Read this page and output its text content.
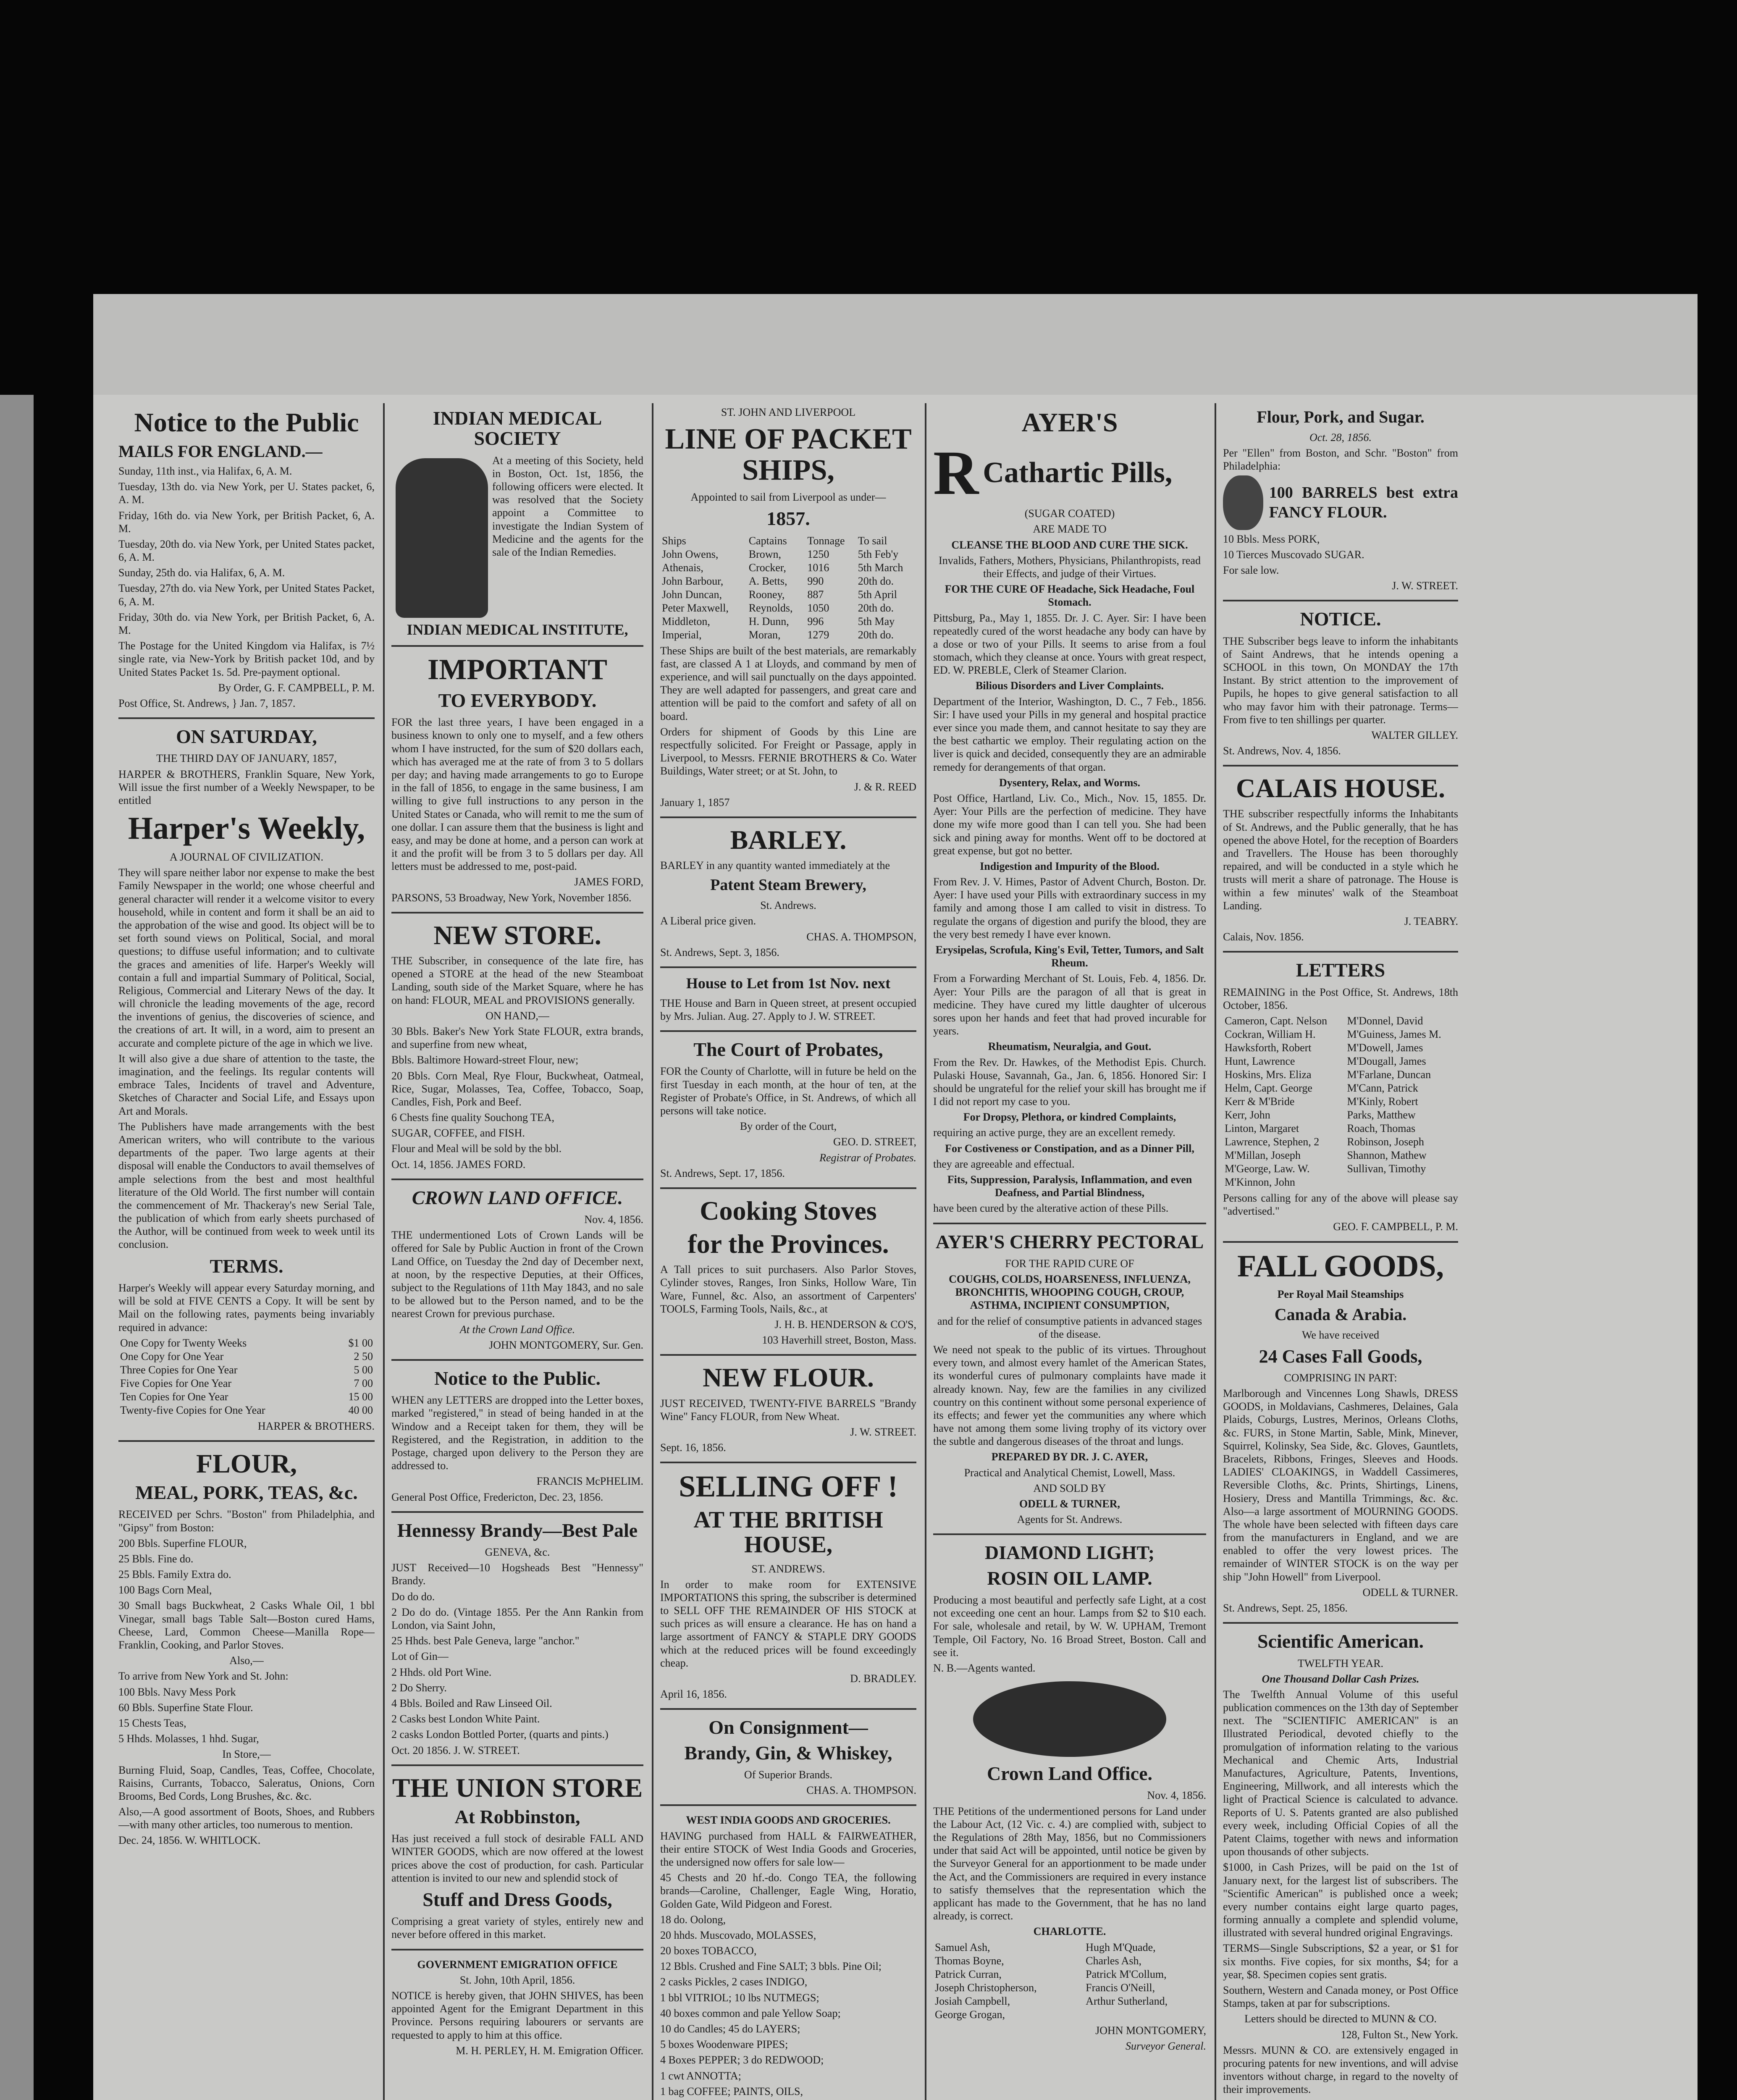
Notice to the Public
MAILS FOR ENGLAND.—
Sunday, 11th inst., via Halifax, 6, A. M.
Tuesday, 13th do. via New York, per U. States packet, 6, A. M.
Friday, 16th do. via New York, per British Packet, 6, A. M.
Tuesday, 20th do. via New York, per United States packet, 6, A. M.
Sunday, 25th do. via Halifax, 6, A. M.
Tuesday, 27th do. via New York, per United States Packet, 6, A. M.
Friday, 30th do. via New York, per British Packet, 6, A. M.
The Postage for the United Kingdom via Halifax, is 7½ single rate, via New-York by British packet 10d, and by United States Packet 1s. 5d. Pre-payment optional.
By Order, G. F. CAMPBELL, P. M.
Post Office, St. Andrews, } Jan. 7, 1857.
ON SATURDAY,
THE THIRD DAY OF JANUARY, 1857,
HARPER & BROTHERS, Franklin Square, New York, Will issue the first number of a Weekly Newspaper, to be entitled
Harper's Weekly,
A JOURNAL OF CIVILIZATION.
They will spare neither labor nor expense to make the best Family Newspaper in the world; one whose cheerful and general character will render it a welcome visitor to every household, while in content and form it shall be an aid to the approbation of the wise and good. Its object will be to set forth sound views on Political, Social, and moral questions; to diffuse useful information; and to cultivate the graces and amenities of life. Harper's Weekly will contain a full and impartial Summary of Political, Social, Religious, Commercial and Literary News of the day. It will chronicle the leading movements of the age, record the inventions of genius, the discoveries of science, and the creations of art. It will, in a word, aim to present an accurate and complete picture of the age in which we live.
It will also give a due share of attention to the taste, the imagination, and the feelings. Its regular contents will embrace Tales, Incidents of travel and Adventure, Sketches of Character and Social Life, and Essays upon Art and Morals.
The Publishers have made arrangements with the best American writers, who will contribute to the various departments of the paper. Two large agents at their disposal will enable the Conductors to avail themselves of ample selections from the best and most healthful literature of the Old World. The first number will contain the commencement of Mr. Thackeray's new Serial Tale, the publication of which from early sheets purchased of the Author, will be continued from week to week until its conclusion.
TERMS.
Harper's Weekly will appear every Saturday morning, and will be sold at FIVE CENTS a Copy. It will be sent by Mail on the following rates, payments being invariably required in advance:
One Copy for Twenty Weeks	$1 00
One Copy for One Year	2 50
Three Copies for One Year	5 00
Five Copies for One Year	7 00
Ten Copies for One Year	15 00
Twenty-five Copies for One Year	40 00
HARPER & BROTHERS.
FLOUR,
MEAL, PORK, TEAS, &c.
RECEIVED per Schrs. "Boston" from Philadelphia, and "Gipsy" from Boston:
200 Bbls. Superfine FLOUR,
25 Bbls. Fine do.
25 Bbls. Family Extra do.
100 Bags Corn Meal,
30 Small bags Buckwheat, 2 Casks Whale Oil, 1 bbl Vinegar, small bags Table Salt—Boston cured Hams, Cheese, Lard, Common Cheese—Manilla Rope—Franklin, Cooking, and Parlor Stoves.
Also,—
To arrive from New York and St. John:
100 Bbls. Navy Mess Pork
60 Bbls. Superfine State Flour.
15 Chests Teas,
5 Hhds. Molasses, 1 hhd. Sugar,
In Store,—
Burning Fluid, Soap, Candles, Teas, Coffee, Chocolate, Raisins, Currants, Tobacco, Saleratus, Onions, Corn Brooms, Bed Cords, Long Brushes, &c. &c.
Also,—A good assortment of Boots, Shoes, and Rubbers—with many other articles, too numerous to mention.
Dec. 24, 1856. W. WHITLOCK.
INDIAN MEDICAL SOCIETY
At a meeting of this Society, held in Boston, Oct. 1st, 1856, the following officers were elected. It was resolved that the Society appoint a Committee to investigate the Indian System of Medicine and the agents for the sale of the Indian Remedies.
INDIAN MEDICAL INSTITUTE,
IMPORTANT
TO EVERYBODY.
FOR the last three years, I have been engaged in a business known to only one to myself, and a few others whom I have instructed, for the sum of $20 dollars each, which has averaged me at the rate of from 3 to 5 dollars per day; and having made arrangements to go to Europe in the fall of 1856, to engage in the same business, I am willing to give full instructions to any person in the United States or Canada, who will remit to me the sum of one dollar. I can assure them that the business is light and easy, and may be done at home, and a person can work at it and the profit will be from 3 to 5 dollars per day. All letters must be addressed to me, post-paid.
JAMES FORD,
PARSONS, 53 Broadway, New York, November 1856.
NEW STORE.
THE Subscriber, in consequence of the late fire, has opened a STORE at the head of the new Steamboat Landing, south side of the Market Square, where he has on hand: FLOUR, MEAL and PROVISIONS generally.
ON HAND,—
30 Bbls. Baker's New York State FLOUR, extra brands, and superfine from new wheat,
Bbls. Baltimore Howard-street Flour, new;
20 Bbls. Corn Meal, Rye Flour, Buckwheat, Oatmeal, Rice, Sugar, Molasses, Tea, Coffee, Tobacco, Soap, Candles, Fish, Pork and Beef.
6 Chests fine quality Souchong TEA,
SUGAR, COFFEE, and FISH.
Flour and Meal will be sold by the bbl.
Oct. 14, 1856. JAMES FORD.
CROWN LAND OFFICE.
Nov. 4, 1856.
THE undermentioned Lots of Crown Lands will be offered for Sale by Public Auction in front of the Crown Land Office, on Tuesday the 2nd day of December next, at noon, by the respective Deputies, at their Offices, subject to the Regulations of 11th May 1843, and no sale to be allowed but to the Person named, and to be the nearest Crown for previous purchase.
At the Crown Land Office.
JOHN MONTGOMERY, Sur. Gen.
Notice to the Public.
WHEN any LETTERS are dropped into the Letter boxes, marked "registered," in stead of being handed in at the Window and a Receipt taken for them, they will be Registered, and the Registration, in addition to the Postage, charged upon delivery to the Person they are addressed to.
FRANCIS McPHELIM.
General Post Office, Fredericton, Dec. 23, 1856.
Hennessy Brandy—Best Pale
GENEVA, &c.
JUST Received—10 Hogsheads Best "Hennessy" Brandy.
Do do do.
2 Do do do. (Vintage 1855. Per the Ann Rankin from London, via Saint John,
25 Hhds. best Pale Geneva, large "anchor."
Lot of Gin—
2 Hhds. old Port Wine.
2 Do Sherry.
4 Bbls. Boiled and Raw Linseed Oil.
2 Casks best London White Paint.
2 casks London Bottled Porter, (quarts and pints.)
Oct. 20 1856. J. W. STREET.
THE UNION STORE
At Robbinston,
Has just received a full stock of desirable FALL AND WINTER GOODS, which are now offered at the lowest prices above the cost of production, for cash. Particular attention is invited to our new and splendid stock of
Stuff and Dress Goods,
Comprising a great variety of styles, entirely new and never before offered in this market.
GOVERNMENT EMIGRATION OFFICE
St. John, 10th April, 1856.
NOTICE is hereby given, that JOHN SHIVES, has been appointed Agent for the Emigrant Department in this Province. Persons requiring labourers or servants are requested to apply to him at this office.
M. H. PERLEY, H. M. Emigration Officer.
ST. JOHN AND LIVERPOOL
LINE OF PACKET SHIPS,
Appointed to sail from Liverpool as under—
1857.
Ships	Captains	Tonnage	To sail
John Owens,	Brown,	1250	5th Feb'y
Athenais,	Crocker,	1016	5th March
John Barbour,	A. Betts,	990	20th do.
John Duncan,	Rooney,	887	5th April
Peter Maxwell,	Reynolds,	1050	20th do.
Middleton,	H. Dunn,	996	5th May
Imperial,	Moran,	1279	20th do.
These Ships are built of the best materials, are remarkably fast, are classed A 1 at Lloyds, and command by men of experience, and will sail punctually on the days appointed. They are well adapted for passengers, and great care and attention will be paid to the comfort and safety of all on board.
Orders for shipment of Goods by this Line are respectfully solicited. For Freight or Passage, apply in Liverpool, to Messrs. FERNIE BROTHERS & Co. Water Buildings, Water street; or at St. John, to
J. & R. REED
January 1, 1857
BARLEY.
BARLEY in any quantity wanted immediately at the
Patent Steam Brewery,
St. Andrews.
A Liberal price given.
CHAS. A. THOMPSON,
St. Andrews, Sept. 3, 1856.
House to Let from 1st Nov. next
THE House and Barn in Queen street, at present occupied by Mrs. Julian. Aug. 27. Apply to J. W. STREET.
The Court of Probates,
FOR the County of Charlotte, will in future be held on the first Tuesday in each month, at the hour of ten, at the Register of Probate's Office, in St. Andrews, of which all persons will take notice.
By order of the Court,
GEO. D. STREET,
Registrar of Probates.
St. Andrews, Sept. 17, 1856.
Cooking Stoves
for the Provinces.
A Tall prices to suit purchasers. Also Parlor Stoves, Cylinder stoves, Ranges, Iron Sinks, Hollow Ware, Tin Ware, Funnel, &c. Also, an assortment of Carpenters' TOOLS, Farming Tools, Nails, &c., at
J. H. B. HENDERSON & CO'S,
103 Haverhill street, Boston, Mass.
NEW FLOUR.
JUST RECEIVED, TWENTY-FIVE BARRELS "Brandy Wine" Fancy FLOUR, from New Wheat.
J. W. STREET.
Sept. 16, 1856.
SELLING OFF !
AT THE BRITISH HOUSE,
ST. ANDREWS.
In order to make room for EXTENSIVE IMPORTATIONS this spring, the subscriber is determined to SELL OFF THE REMAINDER OF HIS STOCK at such prices as will ensure a clearance. He has on hand a large assortment of FANCY & STAPLE DRY GOODS which at the reduced prices will be found exceedingly cheap.
D. BRADLEY.
April 16, 1856.
On Consignment—
Brandy, Gin, & Whiskey,
Of Superior Brands.
CHAS. A. THOMPSON.
WEST INDIA GOODS AND GROCERIES.
HAVING purchased from HALL & FAIRWEATHER, their entire STOCK of West India Goods and Groceries, the undersigned now offers for sale low—
45 Chests and 20 hf.-do. Congo TEA, the following brands—Caroline, Challenger, Eagle Wing, Horatio, Golden Gate, Wild Pidgeon and Forest.
18 do. Oolong,
20 hhds. Muscovado, MOLASSES,
20 boxes TOBACCO,
12 Bbls. Crushed and Fine SALT; 3 bbls. Pine Oil;
2 casks Pickles, 2 cases INDIGO,
1 bbl VITRIOL; 10 lbs NUTMEGS;
40 boxes common and pale Yellow Soap;
10 do Candles; 45 do LAYERS;
5 boxes Woodenware PIPES;
4 Boxes PEPPER; 3 do REDWOOD;
1 cwt ANNOTTA;
1 bag COFFEE; PAINTS, OILS,
AYER'S
R Cathartic Pills,
(SUGAR COATED)
ARE MADE TO
CLEANSE THE BLOOD AND CURE THE SICK.
Invalids, Fathers, Mothers, Physicians, Philanthropists, read their Effects, and judge of their Virtues.
FOR THE CURE OF Headache, Sick Headache, Foul Stomach.
Pittsburg, Pa., May 1, 1855. Dr. J. C. Ayer. Sir: I have been repeatedly cured of the worst headache any body can have by a dose or two of your Pills. It seems to arise from a foul stomach, which they cleanse at once. Yours with great respect, ED. W. PREBLE, Clerk of Steamer Clarion.
Bilious Disorders and Liver Complaints.
Department of the Interior, Washington, D. C., 7 Feb., 1856. Sir: I have used your Pills in my general and hospital practice ever since you made them, and cannot hesitate to say they are the best cathartic we employ. Their regulating action on the liver is quick and decided, consequently they are an admirable remedy for derangements of that organ.
Dysentery, Relax, and Worms.
Post Office, Hartland, Liv. Co., Mich., Nov. 15, 1855. Dr. Ayer: Your Pills are the perfection of medicine. They have done my wife more good than I can tell you. She had been sick and pining away for months. Went off to be doctored at great expense, but got no better.
Indigestion and Impurity of the Blood.
From Rev. J. V. Himes, Pastor of Advent Church, Boston. Dr. Ayer: I have used your Pills with extraordinary success in my family and among those I am called to visit in distress. To regulate the organs of digestion and purify the blood, they are the very best remedy I have ever known.
Erysipelas, Scrofula, King's Evil, Tetter, Tumors, and Salt Rheum.
From a Forwarding Merchant of St. Louis, Feb. 4, 1856. Dr. Ayer: Your Pills are the paragon of all that is great in medicine. They have cured my little daughter of ulcerous sores upon her hands and feet that had proved incurable for years.
Rheumatism, Neuralgia, and Gout.
From the Rev. Dr. Hawkes, of the Methodist Epis. Church. Pulaski House, Savannah, Ga., Jan. 6, 1856. Honored Sir: I should be ungrateful for the relief your skill has brought me if I did not report my case to you.
For Dropsy, Plethora, or kindred Complaints,
requiring an active purge, they are an excellent remedy.
For Costiveness or Constipation, and as a Dinner Pill,
they are agreeable and effectual.
Fits, Suppression, Paralysis, Inflammation, and even Deafness, and Partial Blindness,
have been cured by the alterative action of these Pills.
AYER'S CHERRY PECTORAL
FOR THE RAPID CURE OF
COUGHS, COLDS, HOARSENESS, INFLUENZA, BRONCHITIS, WHOOPING COUGH, CROUP, ASTHMA, INCIPIENT CONSUMPTION,
and for the relief of consumptive patients in advanced stages of the disease.
We need not speak to the public of its virtues. Throughout every town, and almost every hamlet of the American States, its wonderful cures of pulmonary complaints have made it already known. Nay, few are the families in any civilized country on this continent without some personal experience of its effects; and fewer yet the communities any where which have not among them some living trophy of its victory over the subtle and dangerous diseases of the throat and lungs.
PREPARED BY DR. J. C. AYER,
Practical and Analytical Chemist, Lowell, Mass.
AND SOLD BY
ODELL & TURNER,
Agents for St. Andrews.
DIAMOND LIGHT;
ROSIN OIL LAMP.
Producing a most beautiful and perfectly safe Light, at a cost not exceeding one cent an hour. Lamps from $2 to $10 each. For sale, wholesale and retail, by W. W. UPHAM, Tremont Temple, Oil Factory, No. 16 Broad Street, Boston. Call and see it.
N. B.—Agents wanted.
Crown Land Office.
Nov. 4, 1856.
THE Petitions of the undermentioned persons for Land under the Labour Act, (12 Vic. c. 4.) are complied with, subject to the Regulations of 28th May, 1856, but no Commissioners under that said Act will be appointed, until notice be given by the Surveyor General for an apportionment to be made under the Act, and the Commissioners are required in every instance to satisfy themselves that the representation which the applicant has made to the Government, that he has no land already, is correct.
CHARLOTTE.
Samuel Ash,	Hugh M'Quade,
Thomas Boyne,	Charles Ash,
Patrick Curran,	Patrick M'Collum,
Joseph Christopherson,	Francis O'Neill,
Josiah Campbell,	Arthur Sutherland,
George Grogan,	
JOHN MONTGOMERY,
Surveyor General.
Flour, Pork, and Sugar.
Oct. 28, 1856.
Per "Ellen" from Boston, and Schr. "Boston" from Philadelphia:
100 BARRELS best extra FANCY FLOUR.
10 Bbls. Mess PORK,
10 Tierces Muscovado SUGAR.
For sale low.
J. W. STREET.
NOTICE.
THE Subscriber begs leave to inform the inhabitants of Saint Andrews, that he intends opening a SCHOOL in this town, On MONDAY the 17th Instant. By strict attention to the improvement of Pupils, he hopes to give general satisfaction to all who may favor him with their patronage. Terms—From five to ten shillings per quarter.
WALTER GILLEY.
St. Andrews, Nov. 4, 1856.
CALAIS HOUSE.
THE subscriber respectfully informs the Inhabitants of St. Andrews, and the Public generally, that he has opened the above Hotel, for the reception of Boarders and Travellers. The House has been thoroughly repaired, and will be conducted in a style which he trusts will merit a share of patronage. The House is within a few minutes' walk of the Steamboat Landing.
J. TEABRY.
Calais, Nov. 1856.
LETTERS
REMAINING in the Post Office, St. Andrews, 18th October, 1856.
Cameron, Capt. Nelson	M'Donnel, David
Cockran, William H.	M'Guiness, James M.
Hawksforth, Robert	M'Dowell, James
Hunt, Lawrence	M'Dougall, James
Hoskins, Mrs. Eliza	M'Farlane, Duncan
Helm, Capt. George	M'Cann, Patrick
Kerr & M'Bride	M'Kinly, Robert
Kerr, John	Parks, Matthew
Linton, Margaret	Roach, Thomas
Lawrence, Stephen, 2	Robinson, Joseph
M'Millan, Joseph	Shannon, Mathew
M'George, Law. W.	Sullivan, Timothy
M'Kinnon, John	
Persons calling for any of the above will please say "advertised."
GEO. F. CAMPBELL, P. M.
FALL GOODS,
Per Royal Mail Steamships
Canada & Arabia.
We have received
24 Cases Fall Goods,
COMPRISING IN PART:
Marlborough and Vincennes Long Shawls, DRESS GOODS, in Moldavians, Cashmeres, Delaines, Gala Plaids, Coburgs, Lustres, Merinos, Orleans Cloths, &c. FURS, in Stone Martin, Sable, Mink, Minever, Squirrel, Kolinsky, Sea Side, &c. Gloves, Gauntlets, Bracelets, Ribbons, Fringes, Sleeves and Hoods. LADIES' CLOAKINGS, in Waddell Cassimeres, Reversible Cloths, &c. Prints, Shirtings, Linens, Hosiery, Dress and Mantilla Trimmings, &c. &c. Also—a large assortment of MOURNING GOODS. The whole have been selected with fifteen days care from the manufacturers in England, and we are enabled to offer the very lowest prices. The remainder of WINTER STOCK is on the way per ship "John Howell" from Liverpool.
ODELL & TURNER.
St. Andrews, Sept. 25, 1856.
Scientific American.
TWELFTH YEAR.
One Thousand Dollar Cash Prizes.
The Twelfth Annual Volume of this useful publication commences on the 13th day of September next. The "SCIENTIFIC AMERICAN" is an Illustrated Periodical, devoted chiefly to the promulgation of information relating to the various Mechanical and Chemic Arts, Industrial Manufactures, Agriculture, Patents, Inventions, Engineering, Millwork, and all interests which the light of Practical Science is calculated to advance. Reports of U. S. Patents granted are also published every week, including Official Copies of all the Patent Claims, together with news and information upon thousands of other subjects.
$1000, in Cash Prizes, will be paid on the 1st of January next, for the largest list of subscribers. The "Scientific American" is published once a week; every number contains eight large quarto pages, forming annually a complete and splendid volume, illustrated with several hundred original Engravings.
TERMS—Single Subscriptions, $2 a year, or $1 for six months. Five copies, for six months, $4; for a year, $8. Specimen copies sent gratis.
Southern, Western and Canada money, or Post Office Stamps, taken at par for subscriptions.
Letters should be directed to MUNN & CO.
128, Fulton St., New York.
Messrs. MUNN & CO. are extensively engaged in procuring patents for new inventions, and will advise inventors without charge, in regard to the novelty of their improvements.
